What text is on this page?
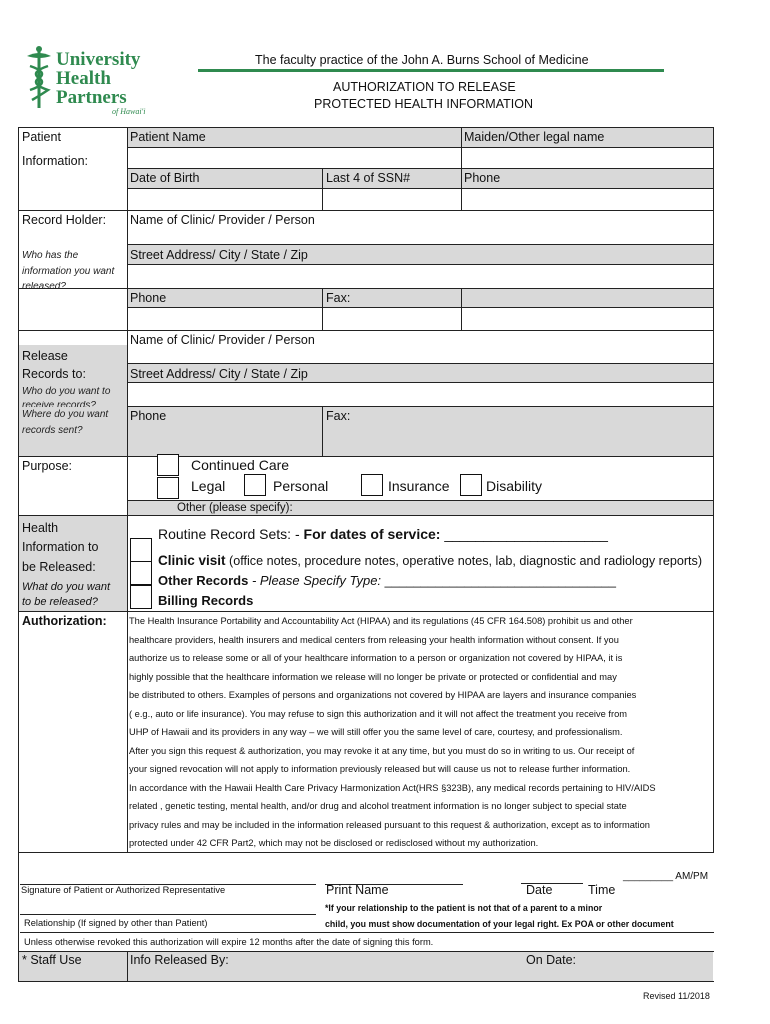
University
Health
Partners
of Hawai'i
The faculty practice of the John A. Burns School of Medicine
AUTHORIZATION TO RELEASE
PROTECTED HEALTH INFORMATION
Patient
Information:
Patient Name	Maiden/Other legal name
Date of Birth	Last 4 of SSN#	Phone
Record Holder:
Who has the
information you want
released?
Name of Clinic/ Provider / Person
Street Address/ City / State / Zip
Phone	Fax:
Release
Records to:
Who do you want to
receive records?
Where do you want
records sent?
Name of Clinic/ Provider / Person
Street Address/ City / State / Zip
Phone	Fax:
Purpose:	Continued Care
Legal	Personal	Insurance	Disability
Other (please specify):
Health
Information to
be Released:
What do you want
to be released?
Routine Record Sets: - For dates of service: _____________________
Clinic visit (office notes, procedure notes, operative notes, lab, diagnostic and radiology reports)
Other Records - Please Specify Type: ________________________________
Billing Records
Authorization: The Health Insurance Portability and Accountability Act (HIPAA) and its regulations (45 CFR 164.508) prohibit us and other
healthcare providers, health insurers and medical centers from releasing your health information without consent. If you
authorize us to release some or all of your healthcare information to a person or organization not covered by HIPAA, it is
highly possible that the healthcare information we release will no longer be private or protected or confidential and may
be distributed to others. Examples of persons and organizations not covered by HIPAA are layers and insurance companies
( e.g., auto or life insurance). You may refuse to sign this authorization and it will not affect the treatment you receive from
UHP of Hawaii and its providers in any way – we will still offer you the same level of care, courtesy, and professionalism.
After you sign this request & authorization, you may revoke it at any time, but you must do so in writing to us. Our receipt of
your signed revocation will not apply to information previously released but will cause us not to release further information.
In accordance with the Hawaii Health Care Privacy Harmonization Act(HRS §323B), any medical records pertaining to HIV/AIDS
related , genetic testing, mental health, and/or drug and alcohol treatment information is no longer subject to special state
privacy rules and may be included in the information released pursuant to this request & authorization, except as to information
protected under 42 CFR Part2, which may not be disclosed or redisclosed without my authorization.
_________ AM/PM
Signature of Patient or Authorized Representative	Print Name	Date	Time
*If your relationship to the patient is not that of a parent to a minor
child, you must show documentation of your legal right. Ex POA or other document
Relationship (If signed by other than Patient)
Unless otherwise revoked this authorization will expire 12 months after the date of signing this form.
* Staff Use	Info Released By:	On Date:
Revised 11/2018
